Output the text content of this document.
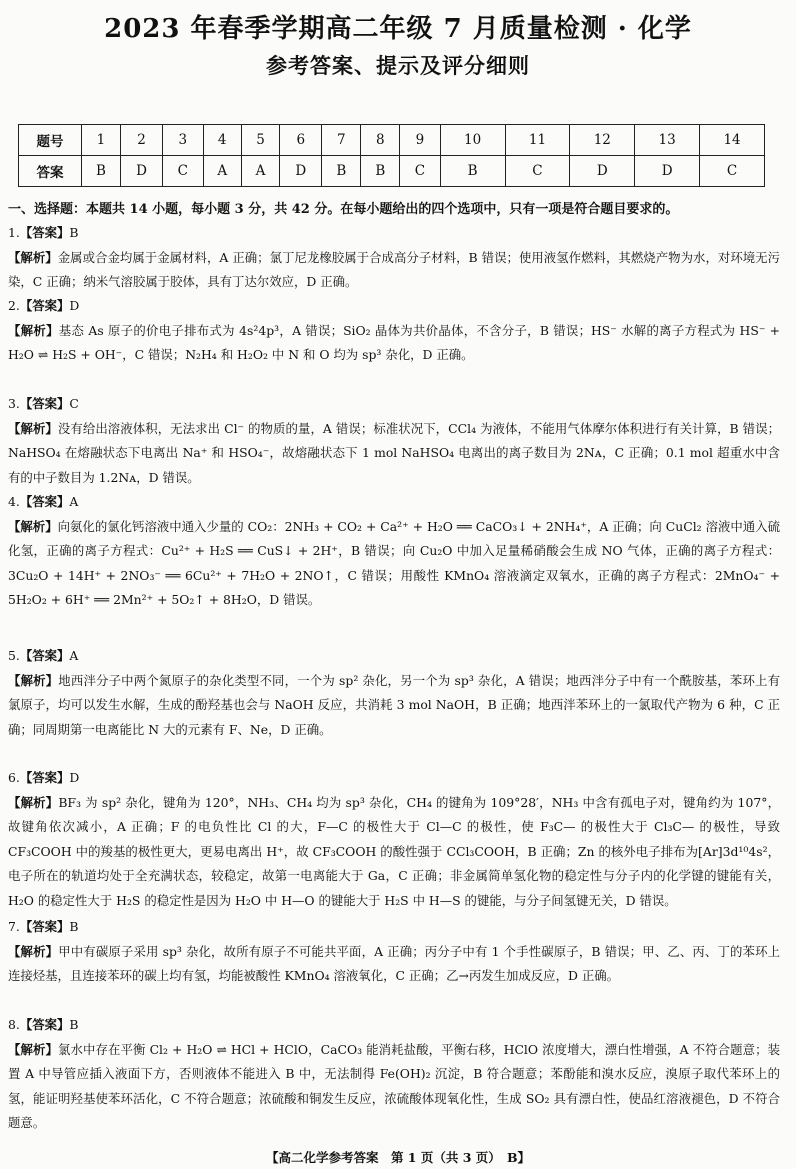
2023 年春季学期高二年级 7 月质量检测 · 化学
参考答案、提示及评分细则
题号	1	2	3	4	5	6	7	8	9	10	11	12	13	14
答案	B	D	C	A	A	D	B	B	C	B	C	D	D	C
一、选择题：本题共 14 小题，每小题 3 分，共 42 分。在每小题给出的四个选项中，只有一项是符合题目要求的。
1.【答案】B
【解析】金属或合金均属于金属材料，A 正确；氯丁尼龙橡胶属于合成高分子材料，B 错误；使用液氢作燃料，其燃烧产物为水，对环境无污染，C 正确；纳米气溶胶属于胶体，具有丁达尔效应，D 正确。
2.【答案】D
【解析】基态 As 原子的价电子排布式为 4s²4p³，A 错误；SiO₂ 晶体为共价晶体，不含分子，B 错误；HS⁻ 水解的离子方程式为 HS⁻ + H₂O ⇌ H₂S + OH⁻，C 错误；N₂H₄ 和 H₂O₂ 中 N 和 O 均为 sp³ 杂化，D 正确。
3.【答案】C
【解析】没有给出溶液体积，无法求出 Cl⁻ 的物质的量，A 错误；标准状况下，CCl₄ 为液体，不能用气体摩尔体积进行有关计算，B 错误；NaHSO₄ 在熔融状态下电离出 Na⁺ 和 HSO₄⁻，故熔融状态下 1 mol NaHSO₄ 电离出的离子数目为 2Nᴀ，C 正确；0.1 mol 超重水中含有的中子数目为 1.2Nᴀ，D 错误。
4.【答案】A
【解析】向氨化的氯化钙溶液中通入少量的 CO₂：2NH₃ + CO₂ + Ca²⁺ + H₂O ══ CaCO₃↓ + 2NH₄⁺，A 正确；向 CuCl₂ 溶液中通入硫化氢，正确的离子方程式：Cu²⁺ + H₂S ══ CuS↓ + 2H⁺，B 错误；向 Cu₂O 中加入足量稀硝酸会生成 NO 气体，正确的离子方程式：3Cu₂O + 14H⁺ + 2NO₃⁻ ══ 6Cu²⁺ + 7H₂O + 2NO↑，C 错误；用酸性 KMnO₄ 溶液滴定双氧水，正确的离子方程式：2MnO₄⁻ + 5H₂O₂ + 6H⁺ ══ 2Mn²⁺ + 5O₂↑ + 8H₂O，D 错误。
5.【答案】A
【解析】地西泮分子中两个氮原子的杂化类型不同，一个为 sp² 杂化，另一个为 sp³ 杂化，A 错误；地西泮分子中有一个酰胺基，苯环上有氯原子，均可以发生水解，生成的酚羟基也会与 NaOH 反应，共消耗 3 mol NaOH，B 正确；地西泮苯环上的一氯取代产物为 6 种，C 正确；同周期第一电离能比 N 大的元素有 F、Ne，D 正确。
6.【答案】D
【解析】BF₃ 为 sp² 杂化，键角为 120°，NH₃、CH₄ 均为 sp³ 杂化，CH₄ 的键角为 109°28′，NH₃ 中含有孤电子对，键角约为 107°，故键角依次减小，A 正确；F 的电负性比 Cl 的大，F—C 的极性大于 Cl—C 的极性，使 F₃C— 的极性大于 Cl₃C— 的极性，导致 CF₃COOH 中的羧基的极性更大，更易电离出 H⁺，故 CF₃COOH 的酸性强于 CCl₃COOH，B 正确；Zn 的核外电子排布为[Ar]3d¹⁰4s²，电子所在的轨道均处于全充满状态，较稳定，故第一电离能大于 Ga，C 正确；非金属简单氢化物的稳定性与分子内的化学键的键能有关，H₂O 的稳定性大于 H₂S 的稳定性是因为 H₂O 中 H—O 的键能大于 H₂S 中 H—S 的键能，与分子间氢键无关，D 错误。
7.【答案】B
【解析】甲中有碳原子采用 sp³ 杂化，故所有原子不可能共平面，A 正确；丙分子中有 1 个手性碳原子，B 错误；甲、乙、丙、丁的苯环上连接烃基，且连接苯环的碳上均有氢，均能被酸性 KMnO₄ 溶液氧化，C 正确；乙→丙发生加成反应，D 正确。
8.【答案】B
【解析】氯水中存在平衡 Cl₂ + H₂O ⇌ HCl + HClO，CaCO₃ 能消耗盐酸，平衡右移，HClO 浓度增大，漂白性增强，A 不符合题意；装置 A 中导管应插入液面下方，否则液体不能进入 B 中，无法制得 Fe(OH)₂ 沉淀，B 符合题意；苯酚能和溴水反应，溴原子取代苯环上的氢，能证明羟基使苯环活化，C 不符合题意；浓硫酸和铜发生反应，浓硫酸体现氧化性，生成 SO₂ 具有漂白性，使品红溶液褪色，D 不符合题意。
【高二化学参考答案　第 1 页（共 3 页）　B】
